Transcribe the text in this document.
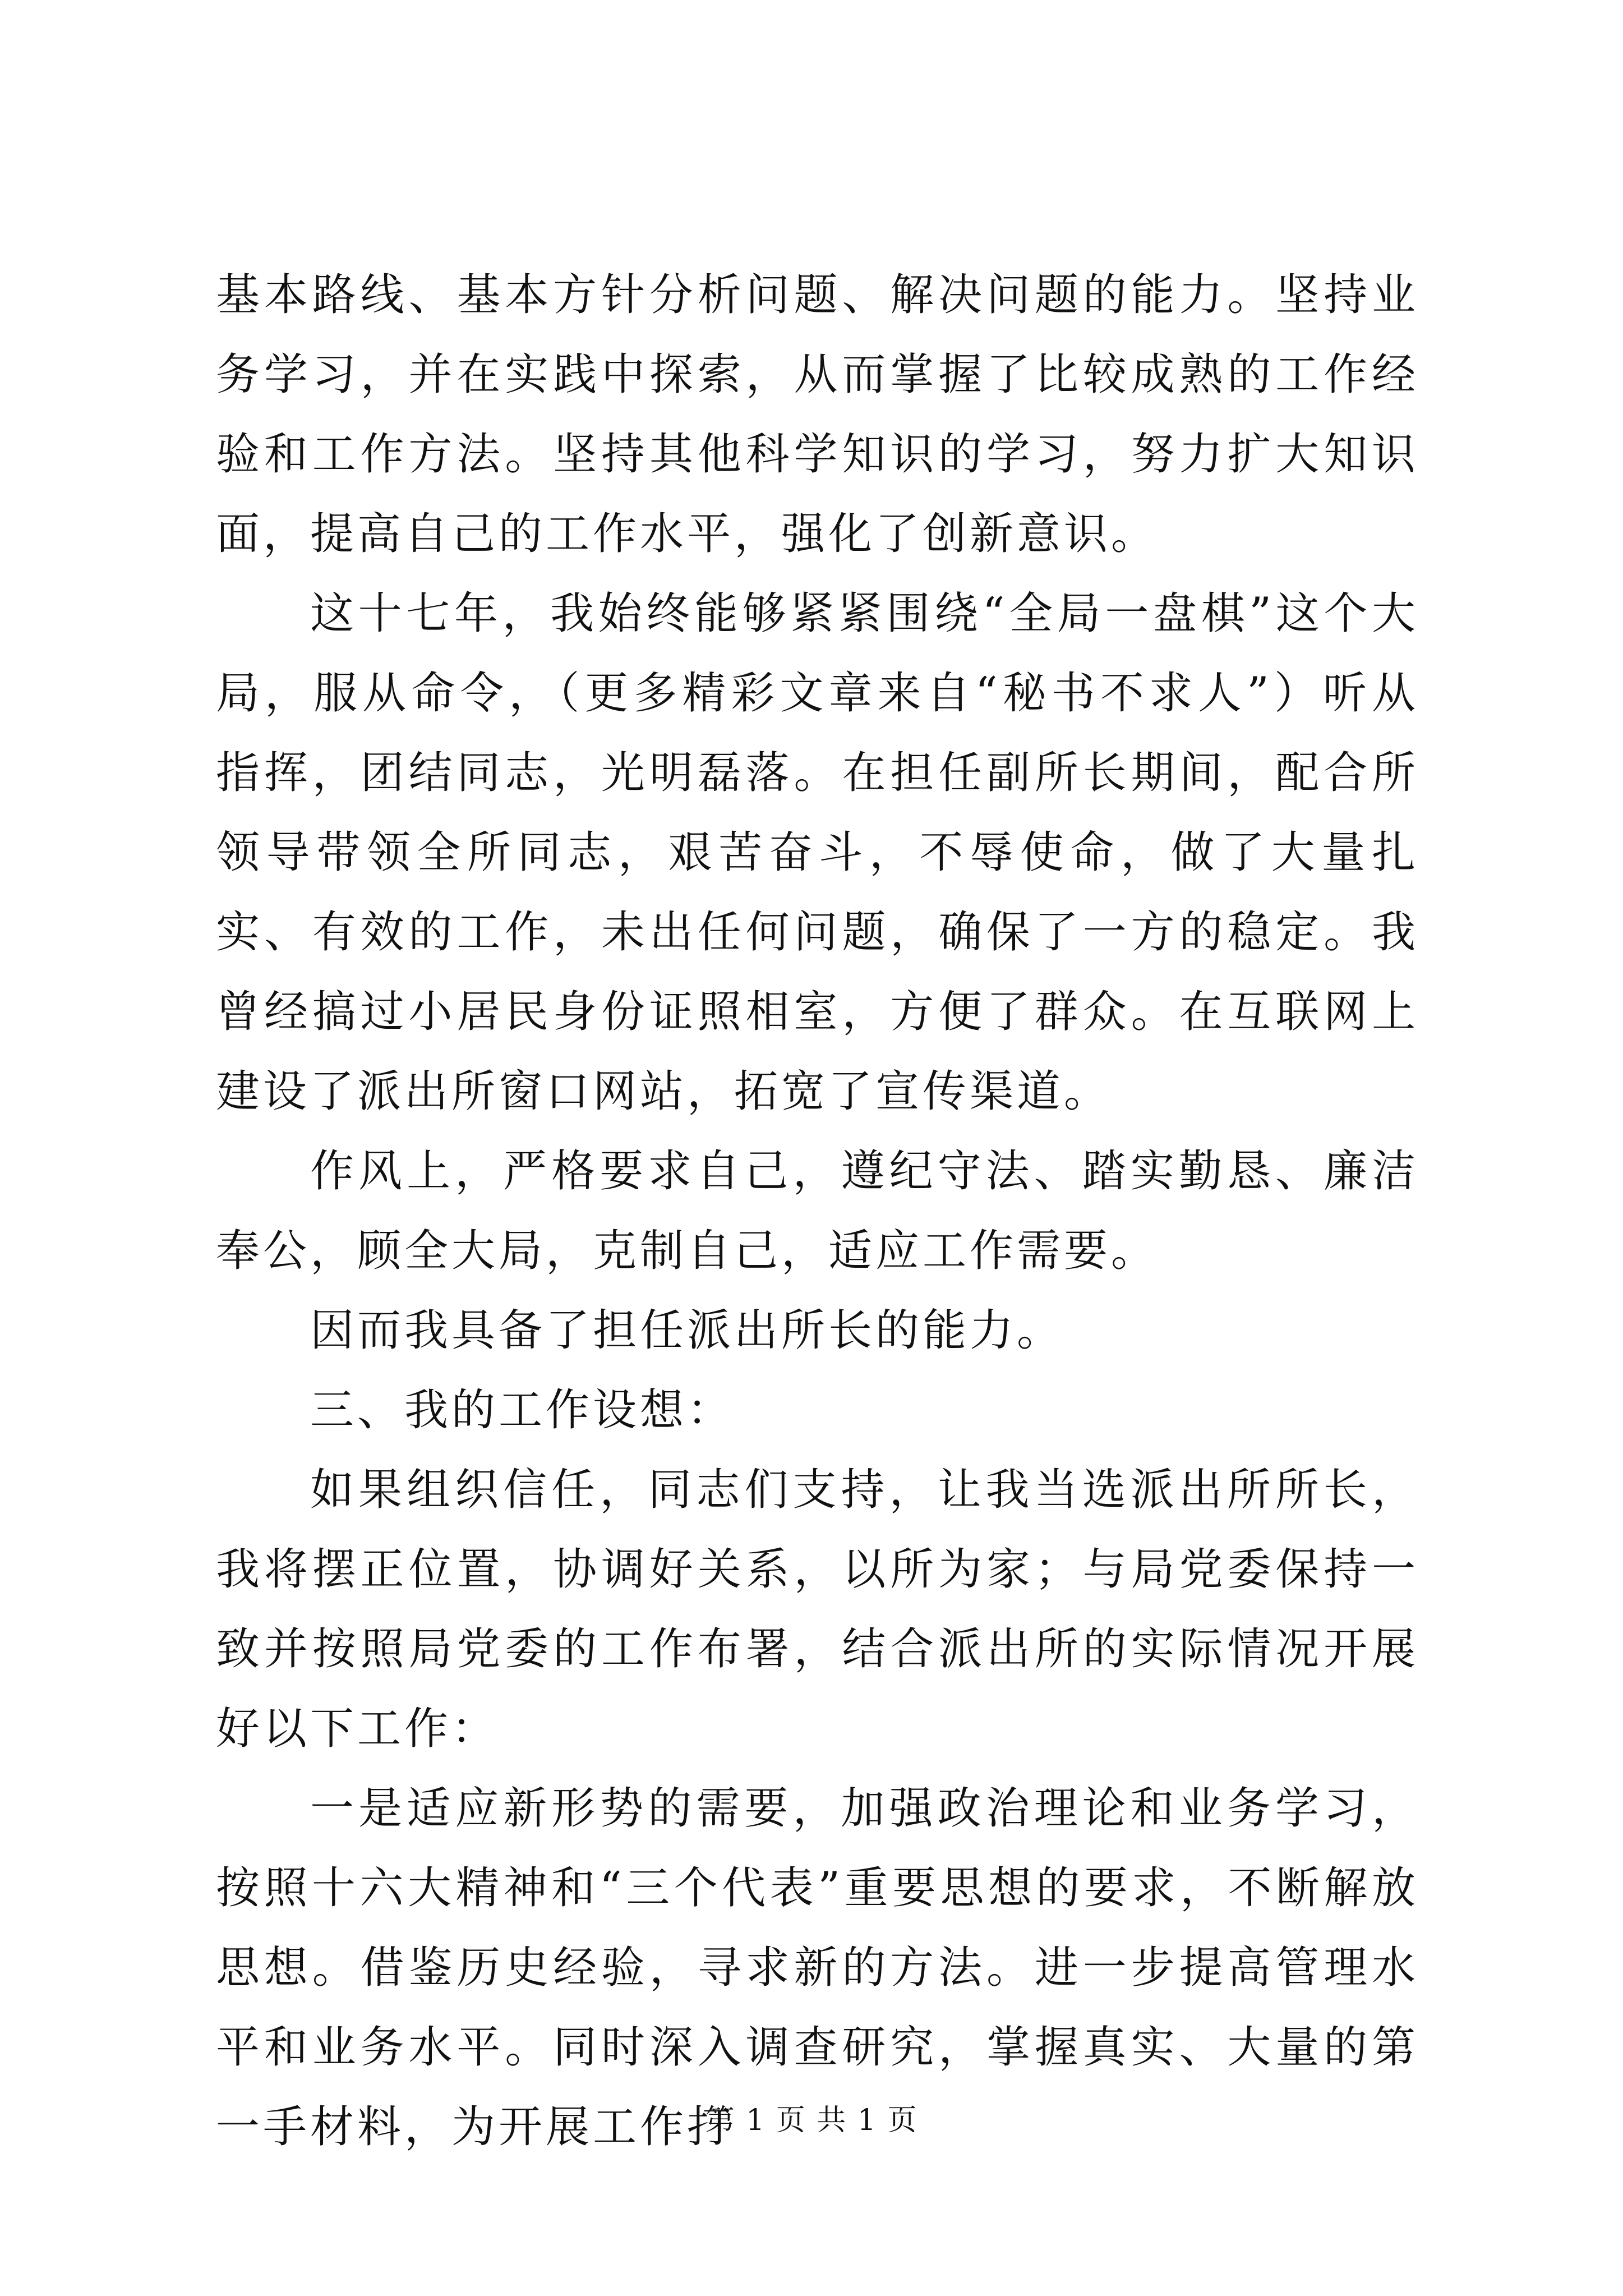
基本路线、基本方针分析问题、解决问题的能力。坚持业务学习，并在实践中探索，从而掌握了比较成熟的工作经验和工作方法。坚持其他科学知识的学习，努力扩大知识面，提高自己的工作水平，强化了创新意识。

这十七年，我始终能够紧紧围绕“全局一盘棋”这个大局，服从命令，（更多精彩文章来自“秘书不求人”）听从指挥，团结同志，光明磊落。在担任副所长期间，配合所领导带领全所同志，艰苦奋斗，不辱使命，做了大量扎实、有效的工作，未出任何问题，确保了一方的稳定。我曾经搞过小居民身份证照相室，方便了群众。在互联网上建设了派出所窗口网站，拓宽了宣传渠道。

作风上，严格要求自己，遵纪守法、踏实勤恳、廉洁奉公，顾全大局，克制自己，适应工作需要。

因而我具备了担任派出所长的能力。

三、我的工作设想：

如果组织信任，同志们支持，让我当选派出所所长，我将摆正位置，协调好关系，以所为家；与局党委保持一致并按照局党委的工作布署，结合派出所的实际情况开展好以下工作：

一是适应新形势的需要，加强政治理论和业务学习，按照十六大精神和“三个代表”重要思想的要求，不断解放思想。借鉴历史经验，寻求新的方法。进一步提高管理水平和业务水平。同时深入调查研究，掌握真实、大量的第一手材料，为开展工作打

第 1 页 共 1 页
